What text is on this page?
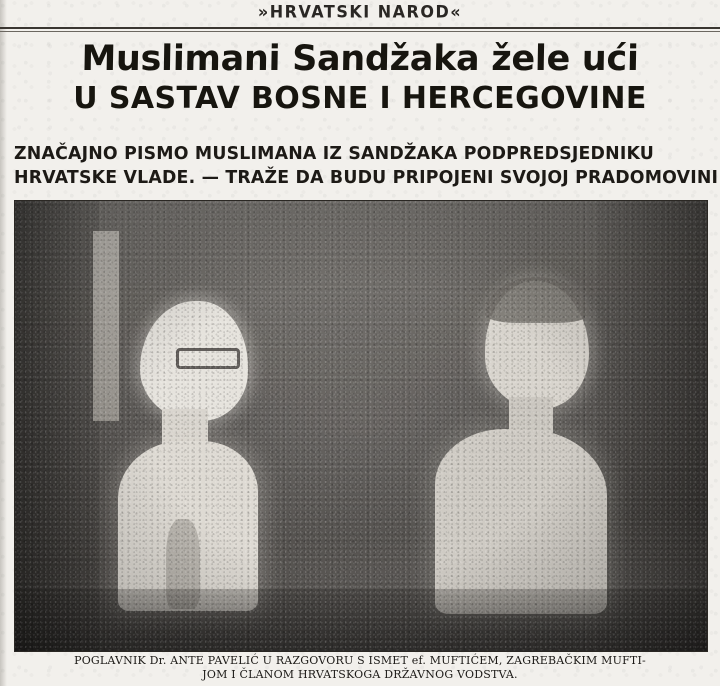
»HRVATSKI NAROD«
Muslimani Sandžaka žele ući
U SASTAV BOSNE I HERCEGOVINE
ZNAČAJNO PISMO MUSLIMANA IZ SANDŽAKA PODPREDSJEDNIKU
HRVATSKE VLADE. — TRAŽE DA BUDU PRIPOJENI SVOJOJ PRADOMOVINI
POGLAVNIK Dr. ANTE PAVELIĆ U RAZGOVORU S ISMET ef. MUFTIĆEM, ZAGREBAČKIM MUFTI-
JOM I ČLANOM HRVATSKOGA DRŽAVNOG VODSTVA.
